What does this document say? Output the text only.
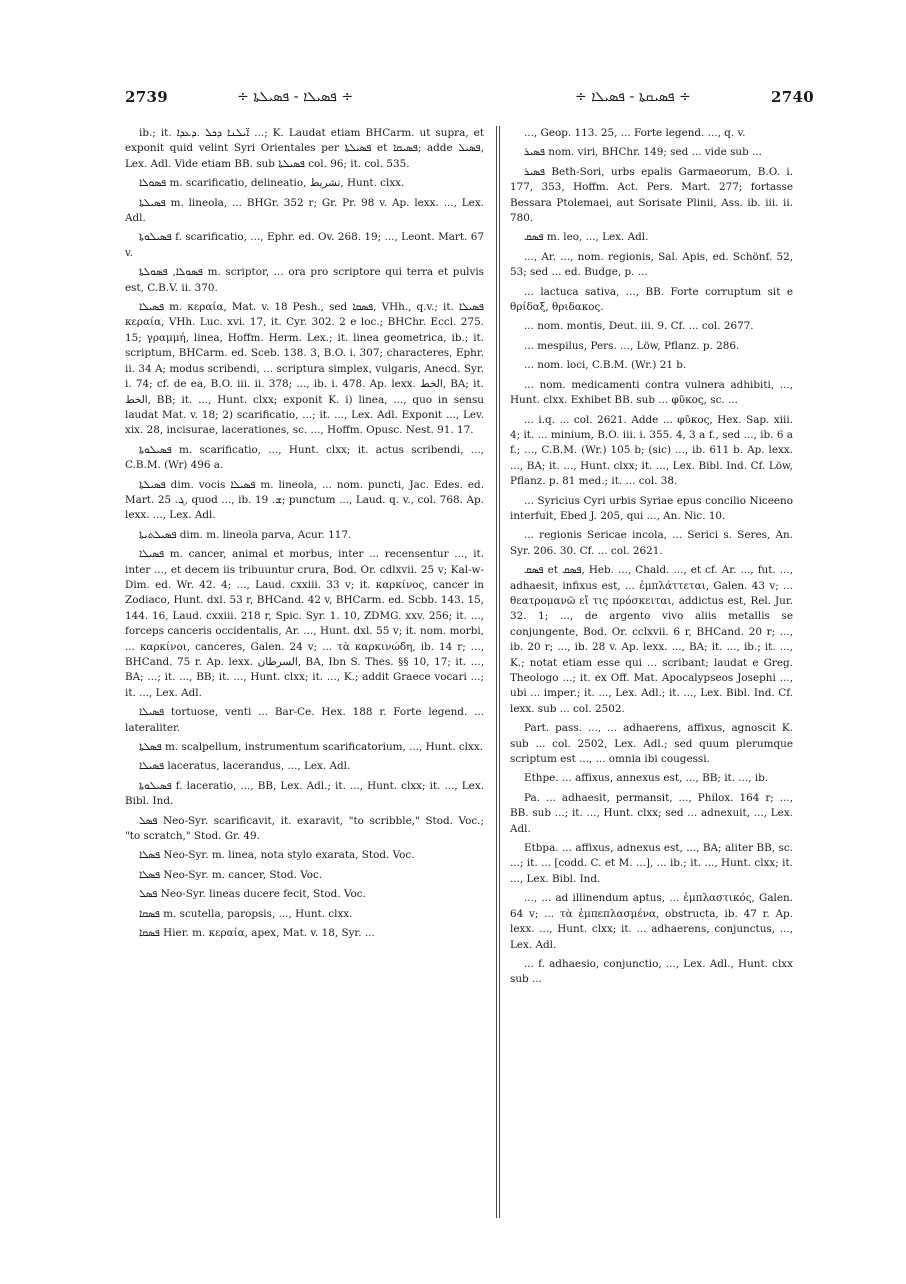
2739	÷ ܦܣܝܠܐ - ܦܣܝܠܬܐ ÷	÷ ܦܣܝܩܬܐ - ܦܣܝܠܐ ÷	2740

ib.; it. ܐ̈ܝܠܢܐ ܕܟܠ .ܕܥܕܐ ...; K. Laudat etiam BHCarm. ut supra, et exponit quid velint Syri Orientales per ܦܣܝܠܬܐ et ܦܣܝܩܐ; adde ܦܣܝܠ, Lex. Adl. Vide etiam BB. sub ܦܣܝܠܬܐ col. 96; it. col. 535.

ܦܣܘܠܐ m. scarificatio, delineatio, تشريط, Hunt. clxx.

ܦܣܝܠܬܐ m. lineola, ... BHGr. 352 r; Gr. Pr. 98 v. Ap. lexx. ..., Lex. Adl.

ܦܣܝܠܘܬܐ f. scarificatio, ..., Ephr. ed. Ov. 268. 19; ..., Leont. Mart. 67 v.

ܦܣܘܠܐ, ܦܣܘܠܬܐ m. scriptor, ... ora pro scriptore qui terra et pulvis est, C.B.V. ii. 370.

ܦܣܝܠܐ m. κεραία, Mat. v. 18 Pesh., sed ܦܣܩܐ, VHh., q.v.; it. ܦܣܝܠܐ κεραία, VHh. Luc. xvi. 17, it. Cyr. 302. 2 e loc.; BHChr. Eccl. 275. 15; γραμμή, linea, Hoffm. Herm. Lex.; it. linea geometrica, ib.; it. scriptum, BHCarm. ed. Sceb. 138. 3, B.O. i. 307; characteres, Ephr. ii. 34 A; modus scribendi, ... scriptura simplex, vulgaris, Anecd. Syr. i. 74; cf. de ea, B.O. iii. ii. 378; ..., ib. i. 478. Ap. lexx. الخط, BA; it. الخط, BB; it. ..., Hunt. clxx; exponit K. i) linea, ..., quo in sensu laudat Mat. v. 18; 2) scarificatio, ...; it. ..., Lex. Adl. Exponit ..., Lev. xix. 28, incisurae, lacerationes, sc. ..., Hoffm. Opusc. Nest. 91. 17.

ܦܣܝܠܘܬܐ m. scarificatio, ..., Hunt. clxx; it. actus scribendi, ..., C.B.M. (Wr) 496 a.

ܦܣܝܠܬܐ dim. vocis ܦܣܝܠܐ m. lineola, ... nom. puncti, Jac. Edes. ed. Mart. ܓ. 25, quod ..., ib. ܫ. 19; punctum ..., Laud. q. v., col. 768. Ap. lexx. ..., Lex. Adl.

ܦܣܝܠܬܝܬܐ dim. m. lineola parva, Acur. 117.

ܦܣܝܠܐ m. cancer, animal et morbus, inter ... recensentur ..., it. inter ..., et decem iis tribuuntur crura, Bod. Or. cdlxvii. 25 v; Kal-w-Dim. ed. Wr. 42. 4; ..., Laud. cxxiii. 33 v; it. καρκίνος, cancer in Zodiaco, Hunt. dxl. 53 r, BHCand. 42 v, BHCarm. ed. Scbb. 143. 15, 144. 16, Laud. cxxiii. 218 r, Spic. Syr. 1. 10, ZDMG. xxv. 256; it. ..., forceps canceris occidentalis, Ar. ..., Hunt. dxl. 55 v; it. nom. morbi, ... καρκίνοι, canceres, Galen. 24 v; ... τὰ καρκινώδη, ib. 14 r; ..., BHCand. 75 r. Ap. lexx. السرطان, BA, Ibn S. Thes. §§ 10, 17; it. ..., BA; ...; it. ..., BB; it. ..., Hunt. clxx; it. ..., K.; addit Graece vocari ...; it. ..., Lex. Adl.

ܦܣܝܠܐ tortuose, venti ... Bar-Ce. Hex. 188 r. Forte legend. ... lateraliter.

ܦܣܠܬܐ m. scalpellum, instrumentum scarificatorium, ..., Hunt. clxx.

ܦܣܝܠܐ laceratus, lacerandus, ..., Lex. Adl.

ܦܣܝܠܘܬܐ f. laceratio, ..., BB, Lex. Adl.; it. ..., Hunt. clxx; it. ..., Lex. Bibl. Ind.

ܦܣܠ Neo-Syr. scarificavit, it. exaravit, "to scribble," Stod. Voc.; "to scratch," Stod. Gr. 49.

ܦܣܠܐ Neo-Syr. m. linea, nota stylo exarata, Stod. Voc.

ܦܣܠܐ Neo-Syr. m. cancer, Stod. Voc.

ܦܣܠ Neo-Syr. lineas ducere fecit, Stod. Voc.

ܦܣܩܐ m. scutella, paropsis, ..., Hunt. clxx.

ܦܣܩܐ Hier. m. κεραία, apex, Mat. v. 18, Syr. ...

..., Geop. 113. 25, ... Forte legend. ..., q. v.

ܦܣܝܪ nom. viri, BHChr. 149; sed ... vide sub ...

ܦܣܝܪ Beth-Sori, urbs epalis Garmaeorum, B.O. i. 177, 353, Hoffm. Act. Pers. Mart. 277; fortasse Bessara Ptolemaei, aut Sorisate Plinii, Ass. ib. iii. ii. 780.

ܦܣܩ m. leo, ..., Lex. Adl.

..., Ar. ..., nom. regionis, Sal. Apis, ed. Schönf. 52, 53; sed ... ed. Budge, p. ...

... lactuca sativa, ..., BB. Forte corruptum sit e θρίδαξ, θριδακος.

... nom. montis, Deut. iii. 9. Cf. ... col. 2677.

... mespilus, Pers. ..., Löw, Pflanz. p. 286.

... nom. loci, C.B.M. (Wr.) 21 b.

... nom. medicamenti contra vulnera adhibiti, ..., Hunt. clxx. Exhibet BB. sub ... φῦκος, sc. ...

... i.q. ... col. 2621. Adde ... φῦκος, Hex. Sap. xiii. 4; it. ... minium, B.O. iii. i. 355. 4, 3 a f., sed ..., ib. 6 a f.; ..., C.B.M. (Wr.) 105 b; (sic) ..., ib. 611 b. Ap. lexx. ..., BA; it. ..., Hunt. clxx; it. ..., Lex. Bibl. Ind. Cf. Löw, Pflanz. p. 81 med.; it. ... col. 38.

... Syricius Cyri urbis Syriae epus concilio Niceeno interfuit, Ebed J. 205, qui ..., An. Nic. 10.

... regionis Sericae incola, ... Serici s. Seres, An. Syr. 206. 30. Cf. ... col. 2621.

ܦܣܩ et ܦܣܩ, Heb. ..., Chald. ..., et cf. Ar. ..., fut. ..., adhaesit, infixus est, ... ἐμπλάττεται, Galen. 43 v; ... θεατρομανῶ εἴ τις πρόσκειται, addictus est, Rel. Jur. 32. 1; ..., de argento vivo aliis metallis se conjungente, Bod. Or. cclxvii. 6 r, BHCand. 20 r; ..., ib. 20 r; ..., ib. 28 v. Ap. lexx. ..., BA; it. ..., ib.; it. ..., K.; notat etiam esse qui ... scribant; laudat e Greg. Theologo ...; it. ex Off. Mat. Apocalypseos Josephi ..., ubi ... imper.; it. ..., Lex. Adl.; it. ..., Lex. Bibl. Ind. Cf. lexx. sub ... col. 2502.

Part. pass. ..., ... adhaerens, affixus, agnoscit K. sub ... col. 2502, Lex. Adl.; sed quum plerumque scriptum est ..., ... omnia ibi cougessi.

Ethpe. ... affixus, annexus est, ..., BB; it. ..., ib.

Pa. ... adhaesit, permansit, ..., Philox. 164 r; ..., BB. sub ...; it. ..., Hunt. clxx; sed ... adnexuit, ..., Lex. Adl.

Etbpa. ... affixus, adnexus est, ..., BA; aliter BB, sc. ...; it. ... [codd. C. et M. ...], ... ib.; it. ..., Hunt. clxx; it. ..., Lex. Bibl. Ind.

..., ... ad illinendum aptus, ... ἐμπλαστικός, Galen. 64 v; ... τὰ ἐμπεπλασμένα, obstructa, ib. 47 r. Ap. lexx. ..., Hunt. clxx; it. ... adhaerens, conjunctus, ..., Lex. Adl.

... f. adhaesio, conjunctio, ..., Lex. Adl., Hunt. clxx sub ...
